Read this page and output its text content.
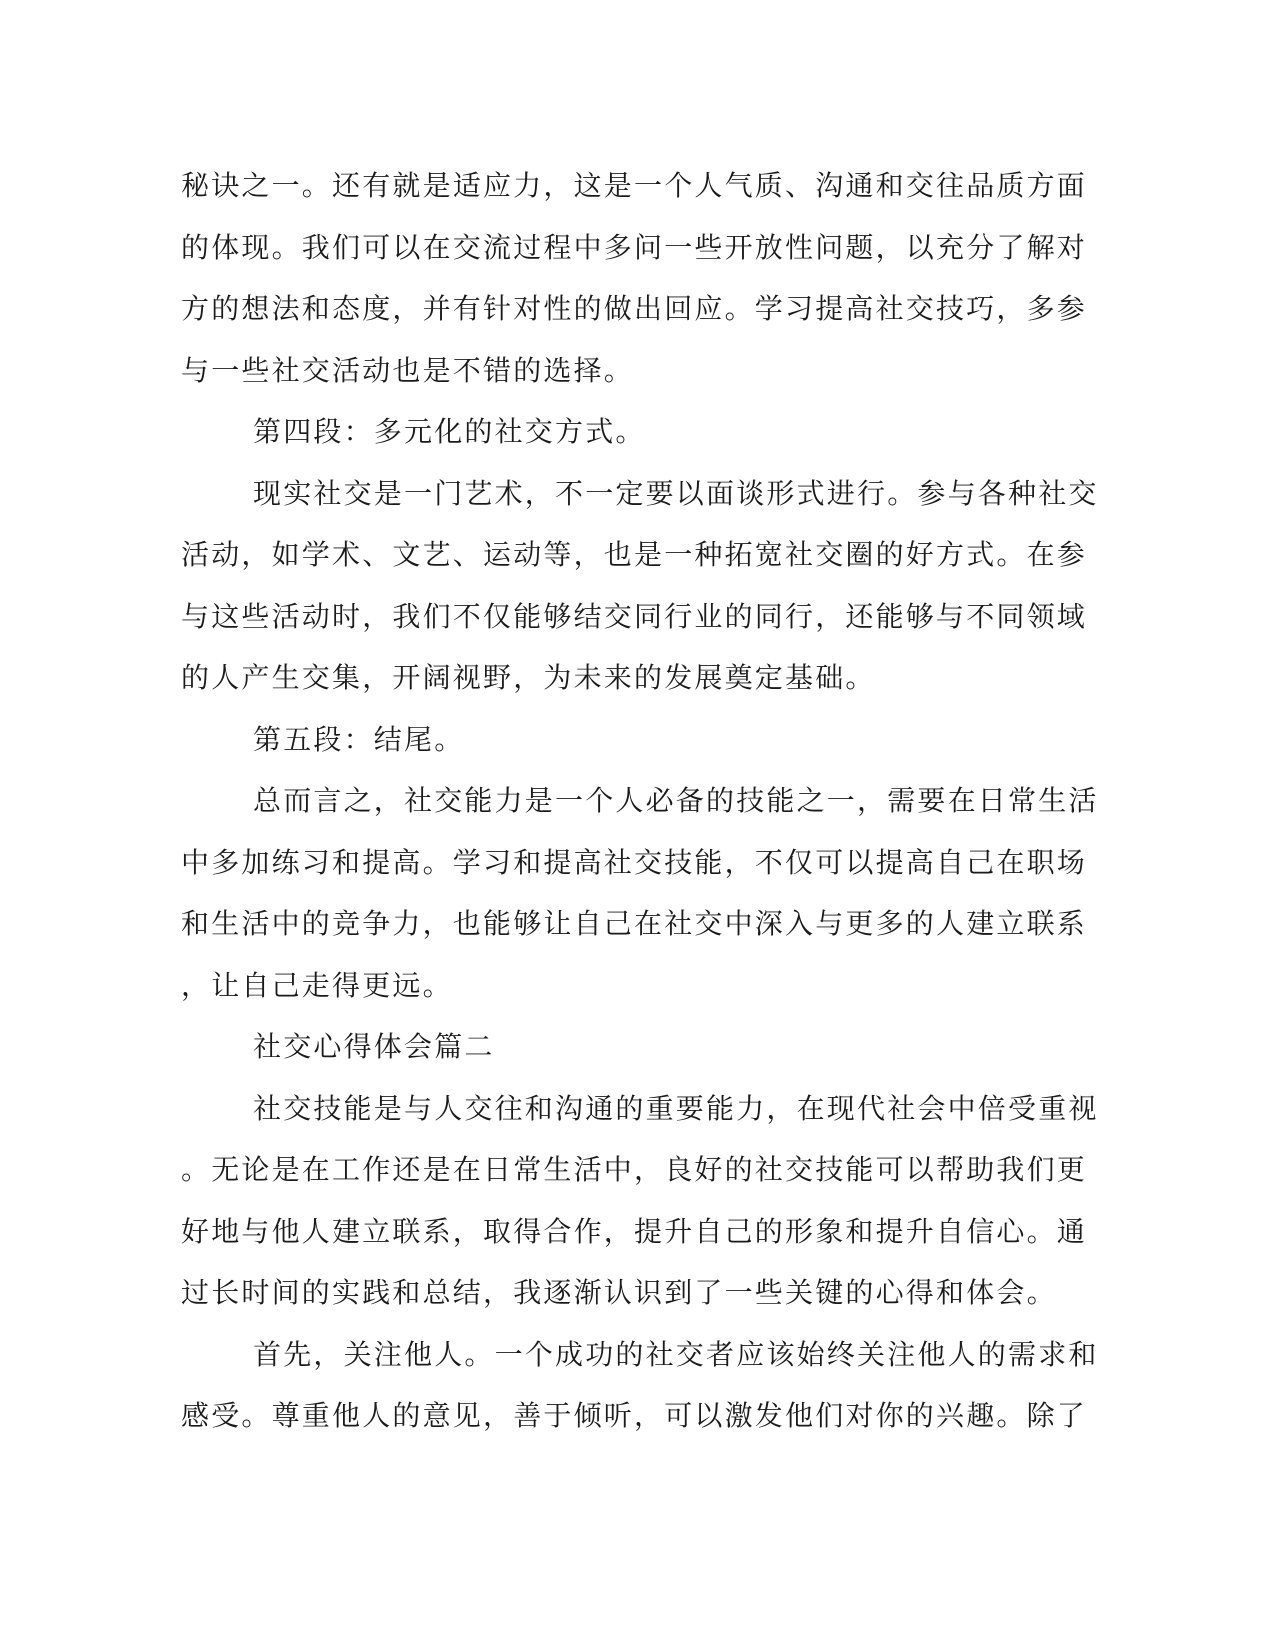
秘诀之一。还有就是适应力，这是一个人气质、沟通和交往品质方面
的体现。我们可以在交流过程中多问一些开放性问题，以充分了解对
方的想法和态度，并有针对性的做出回应。学习提高社交技巧，多参
与一些社交活动也是不错的选择。
第四段：多元化的社交方式。
现实社交是一门艺术，不一定要以面谈形式进行。参与各种社交
活动，如学术、文艺、运动等，也是一种拓宽社交圈的好方式。在参
与这些活动时，我们不仅能够结交同行业的同行，还能够与不同领域
的人产生交集，开阔视野，为未来的发展奠定基础。
第五段：结尾。
总而言之，社交能力是一个人必备的技能之一，需要在日常生活
中多加练习和提高。学习和提高社交技能，不仅可以提高自己在职场
和生活中的竞争力，也能够让自己在社交中深入与更多的人建立联系
，让自己走得更远。
社交心得体会篇二
社交技能是与人交往和沟通的重要能力，在现代社会中倍受重视
。无论是在工作还是在日常生活中，良好的社交技能可以帮助我们更
好地与他人建立联系，取得合作，提升自己的形象和提升自信心。通
过长时间的实践和总结，我逐渐认识到了一些关键的心得和体会。
首先，关注他人。一个成功的社交者应该始终关注他人的需求和
感受。尊重他人的意见，善于倾听，可以激发他们对你的兴趣。除了
